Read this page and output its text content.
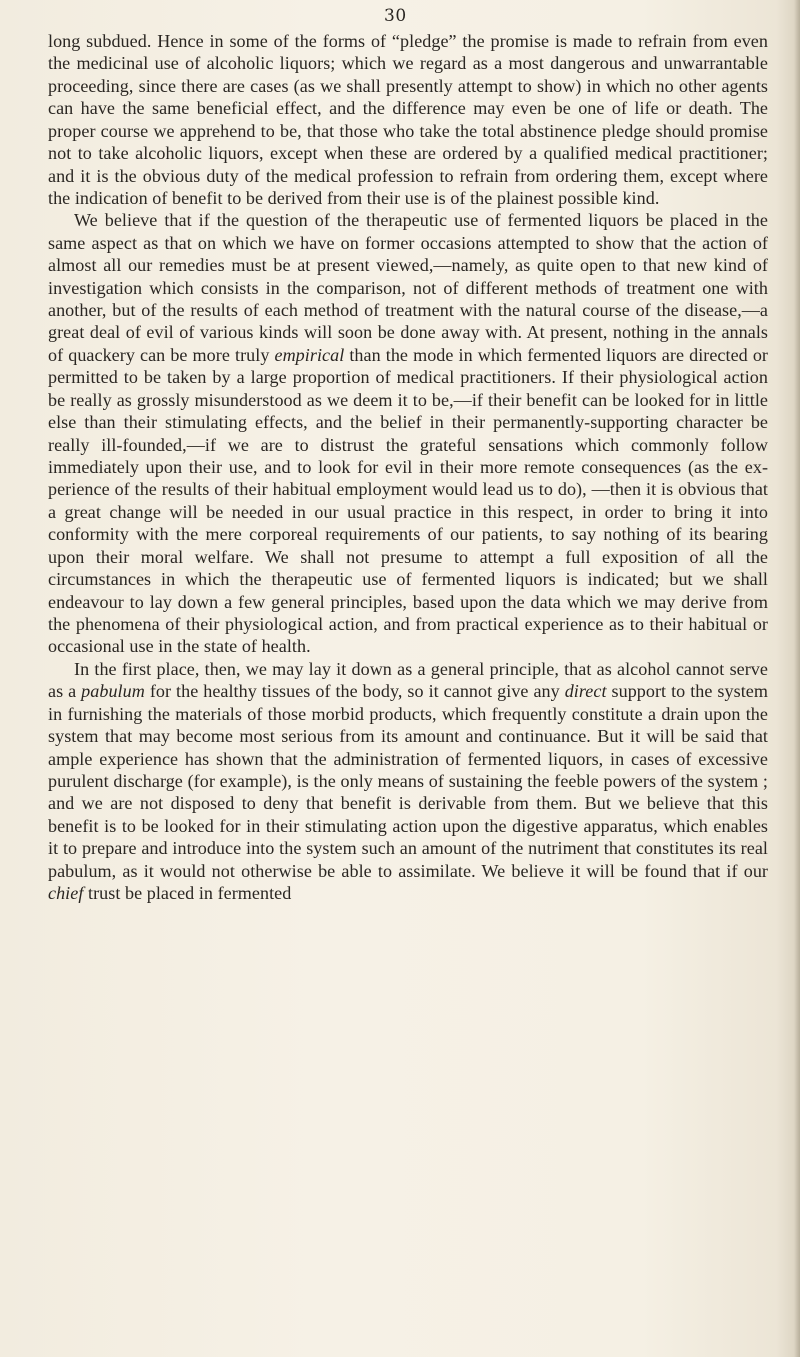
30

long subdued. Hence in some of the forms of “pledge” the promise is made to refrain from even the medicinal use of alcoholic liquors; which we regard as a most dangerous and unwarrantable proceeding, since there are cases (as we shall presently attempt to show) in which no other agents can have the same beneficial effect, and the difference may even be one of life or death. The proper course we apprehend to be, that those who take the total abstinence pledge should promise not to take alcoholic liquors, except when these are ordered by a qualified medical practitioner; and it is the obvious duty of the medical profession to refrain from ordering them, except where the indication of benefit to be derived from their use is of the plainest possible kind.

We believe that if the question of the therapeutic use of fermented liquors be placed in the same aspect as that on which we have on former occasions attempted to show that the action of almost all our remedies must be at present viewed,—namely, as quite open to that new kind of investigation which consists in the comparison, not of different methods of treatment one with another, but of the results of each method of treatment with the natural course of the disease,—a great deal of evil of various kinds will soon be done away with. At present, nothing in the annals of quackery can be more truly empirical than the mode in which fermented liquors are directed or permitted to be taken by a large proportion of medical practitioners. If their physiological action be really as grossly misunderstood as we deem it to be,—if their benefit can be looked for in little else than their stimulating effects, and the belief in their permanently-supporting character be really ill-founded,—if we are to distrust the grateful sensations which commonly follow immediately upon their use, and to look for evil in their more remote consequences (as the experience of the results of their habitual employment would lead us to do), —then it is obvious that a great change will be needed in our usual practice in this respect, in order to bring it into conformity with the mere corporeal requirements of our patients, to say nothing of its bearing upon their moral welfare. We shall not presume to attempt a full exposition of all the circumstances in which the therapeutic use of fermented liquors is indicated; but we shall endeavour to lay down a few general principles, based upon the data which we may derive from the phenomena of their physiological action, and from practical experience as to their habitual or occasional use in the state of health.

In the first place, then, we may lay it down as a general principle, that as alcohol cannot serve as a pabulum for the healthy tissues of the body, so it cannot give any direct support to the system in furnishing the materials of those morbid products, which frequently constitute a drain upon the system that may become most serious from its amount and continuance. But it will be said that ample experience has shown that the administration of fermented liquors, in cases of excessive purulent discharge (for example), is the only means of sustaining the feeble powers of the system ; and we are not disposed to deny that benefit is derivable from them. But we believe that this benefit is to be looked for in their stimulating action upon the digestive apparatus, which enables it to prepare and introduce into the system such an amount of the nutriment that constitutes its real pabulum, as it would not otherwise be able to assimilate. We believe it will be found that if our chief trust be placed in fermented
